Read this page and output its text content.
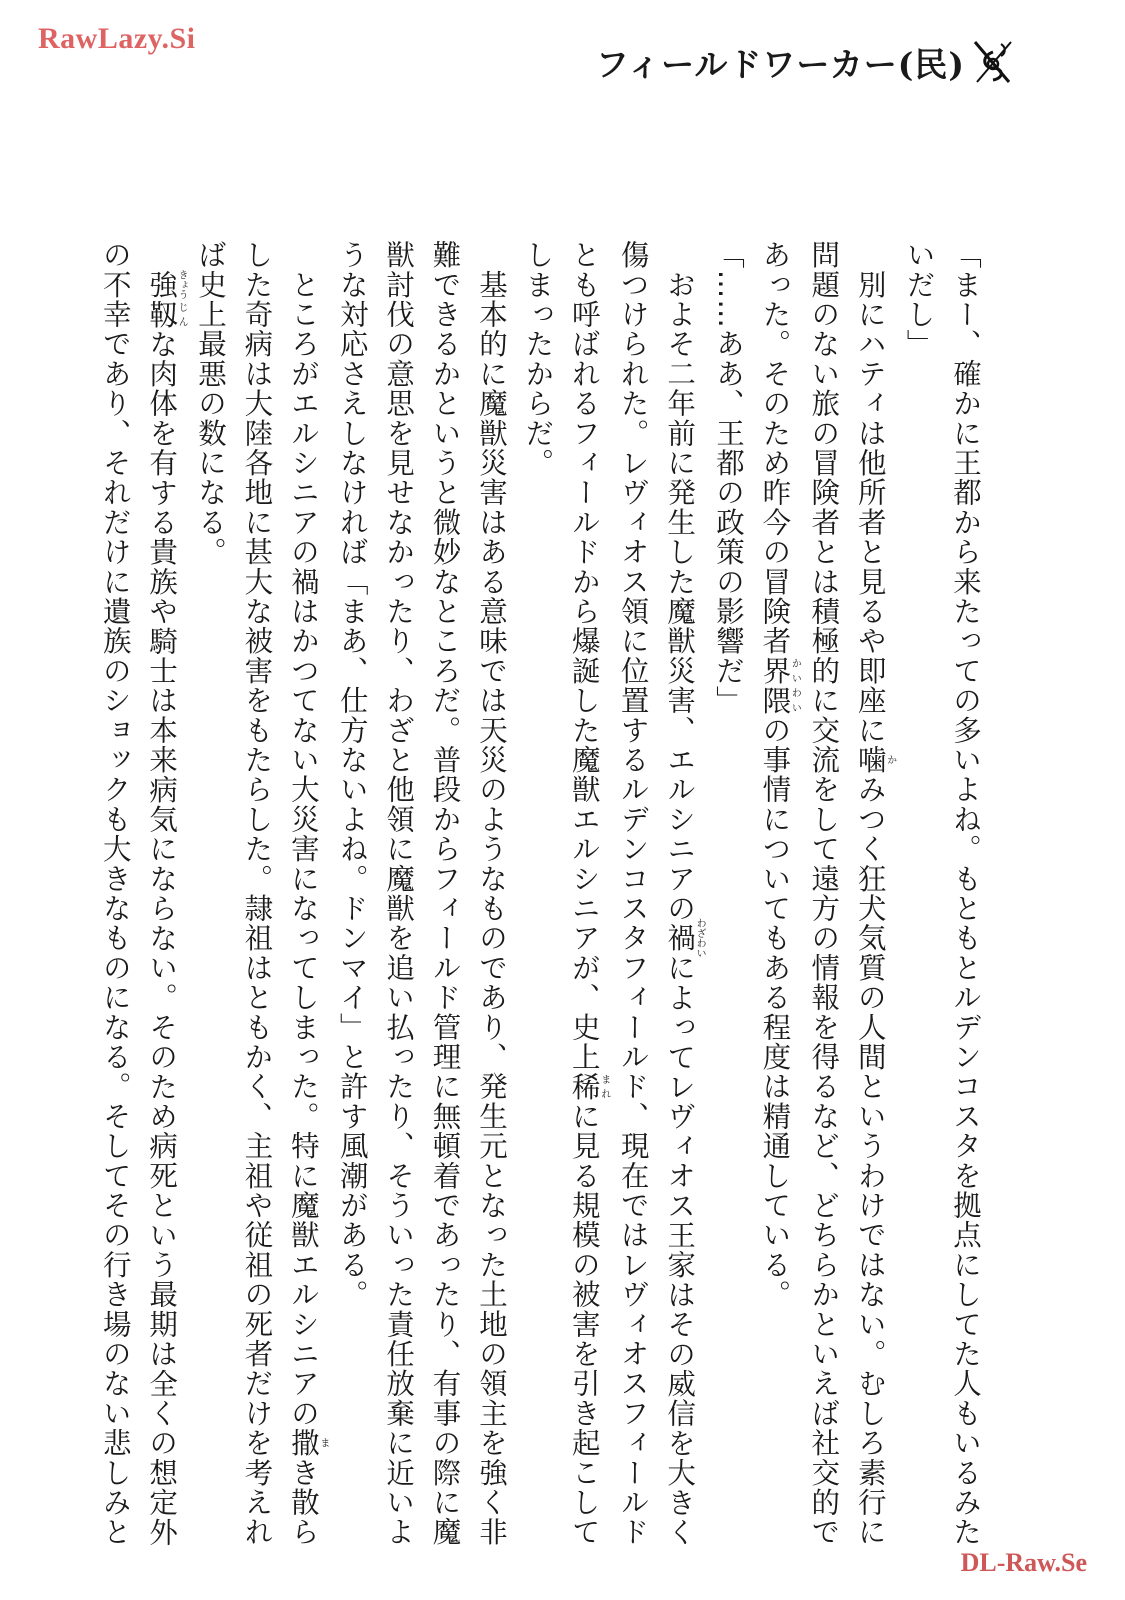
RawLazy.Si
フィールドワーカー(民)
「まー、確かに王都から来たっての多いよね。もともとルデンコスタを拠点にしてた人もいるみた
いだし」
　別にハティは他所者と見るや即座に噛かみつく狂犬気質の人間というわけではない。むしろ素行に
問題のない旅の冒険者とは積極的に交流をして遠方の情報を得るなど、どちらかといえば社交的で
あった。そのため昨今の冒険者界隈かいわいの事情についてもある程度は精通している。
「……ああ、王都の政策の影響だ」
　およそ二年前に発生した魔獣災害、エルシニアの禍わざわいによってレヴィオス王家はその威信を大きく
傷つけられた。レヴィオス領に位置するルデンコスタフィールド、現在ではレヴィオスフィールド
とも呼ばれるフィールドから爆誕した魔獣エルシニアが、史上稀まれに見る規模の被害を引き起こして
しまったからだ。
　基本的に魔獣災害はある意味では天災のようなものであり、発生元となった土地の領主を強く非
難できるかというと微妙なところだ。普段からフィールド管理に無頓着であったり、有事の際に魔
獣討伐の意思を見せなかったり、わざと他領に魔獣を追い払ったり、そういった責任放棄に近いよ
うな対応さえしなければ「まあ、仕方ないよね。ドンマイ」と許す風潮がある。
　ところがエルシニアの禍はかつてない大災害になってしまった。特に魔獣エルシニアの撒まき散ら
した奇病は大陸各地に甚大な被害をもたらした。隷祖はともかく、主祖や従祖の死者だけを考えれ
ば史上最悪の数になる。
　強きょう靱じんな肉体を有する貴族や騎士は本来病気にならない。そのため病死という最期は全くの想定外
の不幸であり、それだけに遺族のショックも大きなものになる。そしてその行き場のない悲しみと
DL-Raw.Se
